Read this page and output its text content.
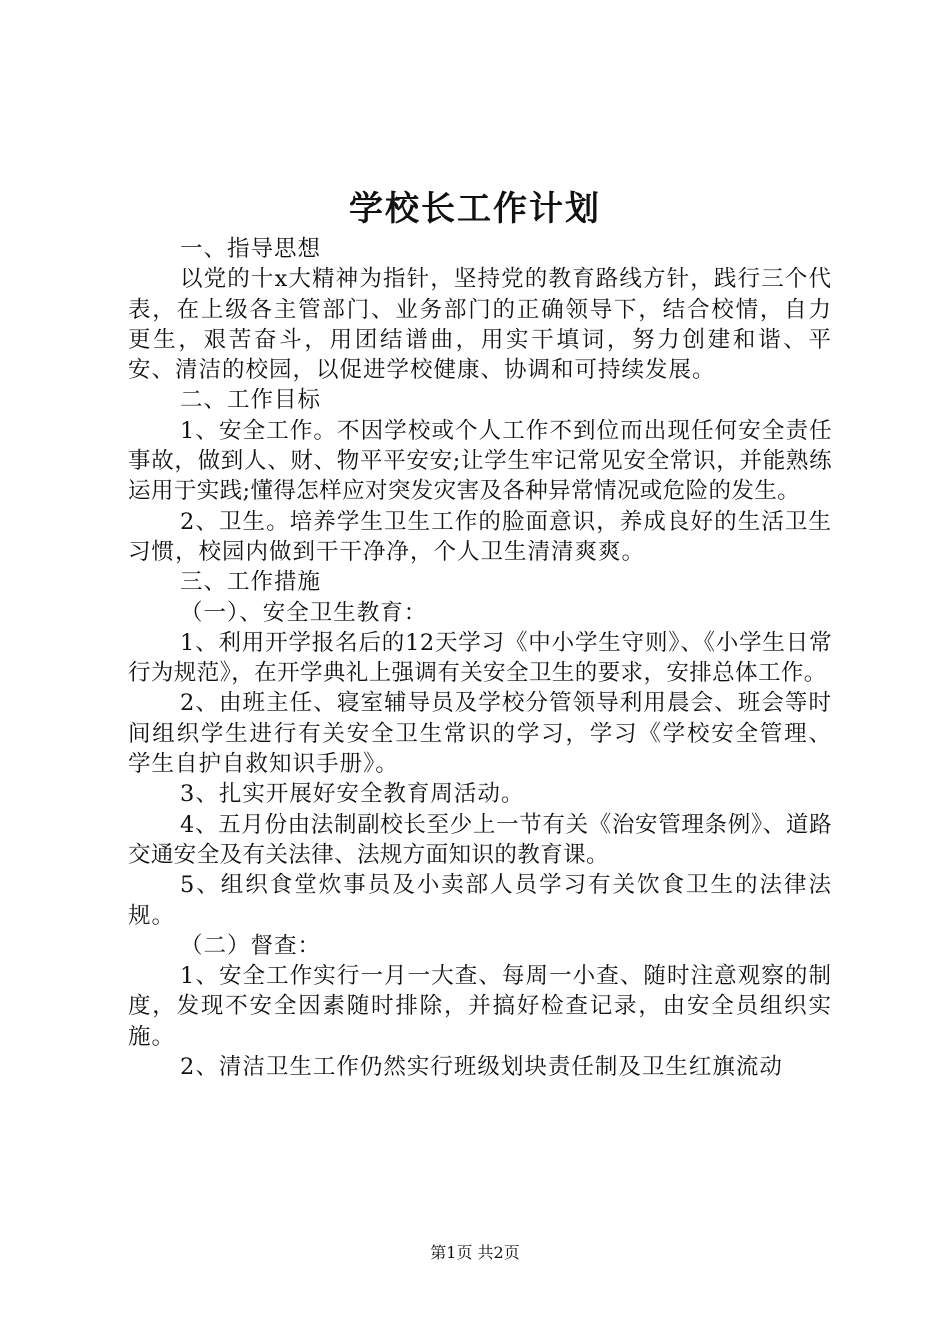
学校长工作计划

一、指导思想

以党的十x大精神为指针，坚持党的教育路线方针，践行三个代表，在上级各主管部门、业务部门的正确领导下，结合校情，自力更生，艰苦奋斗，用团结谱曲，用实干填词，努力创建和谐、平安、清洁的校园，以促进学校健康、协调和可持续发展。

二、工作目标

1、安全工作。不因学校或个人工作不到位而出现任何安全责任事故，做到人、财、物平平安安;让学生牢记常见安全常识，并能熟练运用于实践;懂得怎样应对突发灾害及各种异常情况或危险的发生。

2、卫生。培养学生卫生工作的脸面意识，养成良好的生活卫生习惯，校园内做到干干净净，个人卫生清清爽爽。

三、工作措施

（一）、安全卫生教育：

1、利用开学报名后的12天学习《中小学生守则》、《小学生日常行为规范》，在开学典礼上强调有关安全卫生的要求，安排总体工作。

2、由班主任、寝室辅导员及学校分管领导利用晨会、班会等时间组织学生进行有关安全卫生常识的学习，学习《学校安全管理、学生自护自救知识手册》。

3、扎实开展好安全教育周活动。

4、五月份由法制副校长至少上一节有关《治安管理条例》、道路交通安全及有关法律、法规方面知识的教育课。

5、组织食堂炊事员及小卖部人员学习有关饮食卫生的法律法规。

（二）督查：

1、安全工作实行一月一大查、每周一小查、随时注意观察的制度，发现不安全因素随时排除，并搞好检查记录，由安全员组织实施。

2、清洁卫生工作仍然实行班级划块责任制及卫生红旗流动

第1页 共2页
